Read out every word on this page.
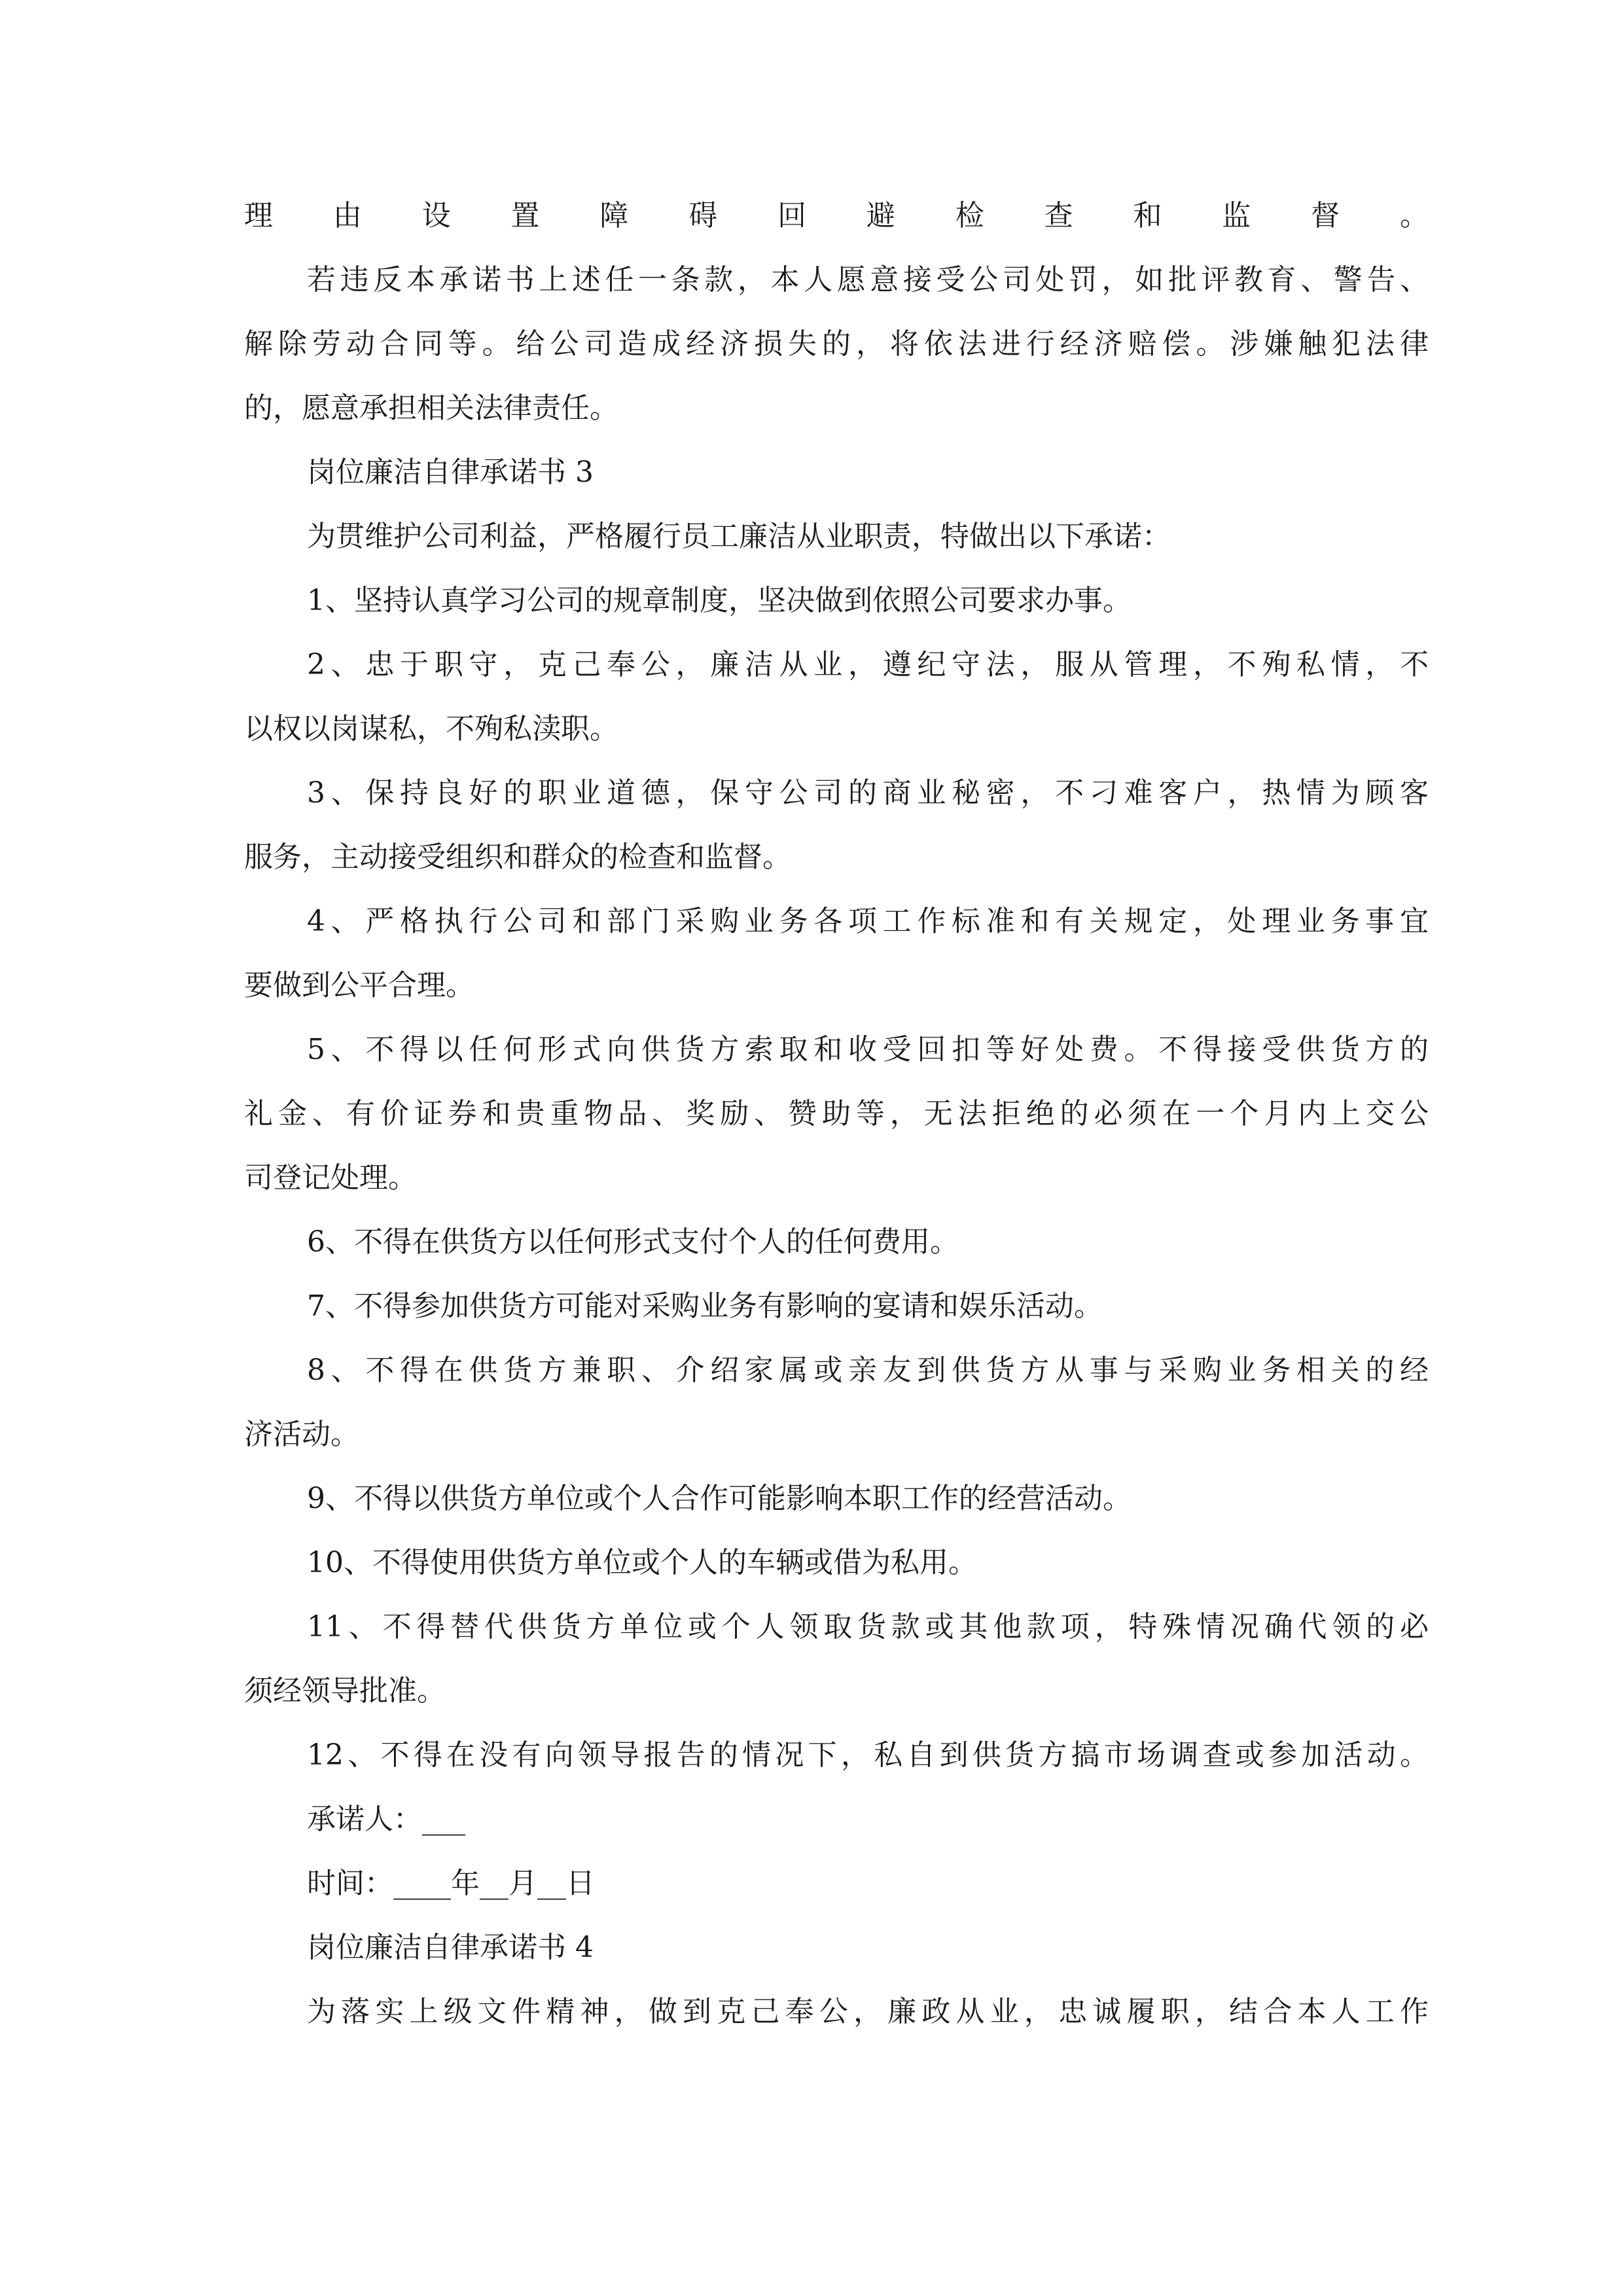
理由设置障碍回避检查和监督。
若违反本承诺书上述任一条款，本人愿意接受公司处罚，如批评教育、警告、
解除劳动合同等。给公司造成经济损失的，将依法进行经济赔偿。涉嫌触犯法律
的，愿意承担相关法律责任。
岗位廉洁自律承诺书 3
为贯维护公司利益，严格履行员工廉洁从业职责，特做出以下承诺：
1、坚持认真学习公司的规章制度，坚决做到依照公司要求办事。
2、忠于职守，克己奉公，廉洁从业，遵纪守法，服从管理，不殉私情，不
以权以岗谋私，不殉私渎职。
3、保持良好的职业道德，保守公司的商业秘密，不刁难客户，热情为顾客
服务，主动接受组织和群众的检查和监督。
4、严格执行公司和部门采购业务各项工作标准和有关规定，处理业务事宜
要做到公平合理。
5、不得以任何形式向供货方索取和收受回扣等好处费。不得接受供货方的
礼金、有价证券和贵重物品、奖励、赞助等，无法拒绝的必须在一个月内上交公
司登记处理。
6、不得在供货方以任何形式支付个人的任何费用。
7、不得参加供货方可能对采购业务有影响的宴请和娱乐活动。
8、不得在供货方兼职、介绍家属或亲友到供货方从事与采购业务相关的经
济活动。
9、不得以供货方单位或个人合作可能影响本职工作的经营活动。
10、不得使用供货方单位或个人的车辆或借为私用。
11、不得替代供货方单位或个人领取货款或其他款项，特殊情况确代领的必
须经领导批准。
12、不得在没有向领导报告的情况下，私自到供货方搞市场调查或参加活动。
承诺人：___
时间：____年__月__日
岗位廉洁自律承诺书 4
为落实上级文件精神，做到克己奉公，廉政从业，忠诚履职，结合本人工作
